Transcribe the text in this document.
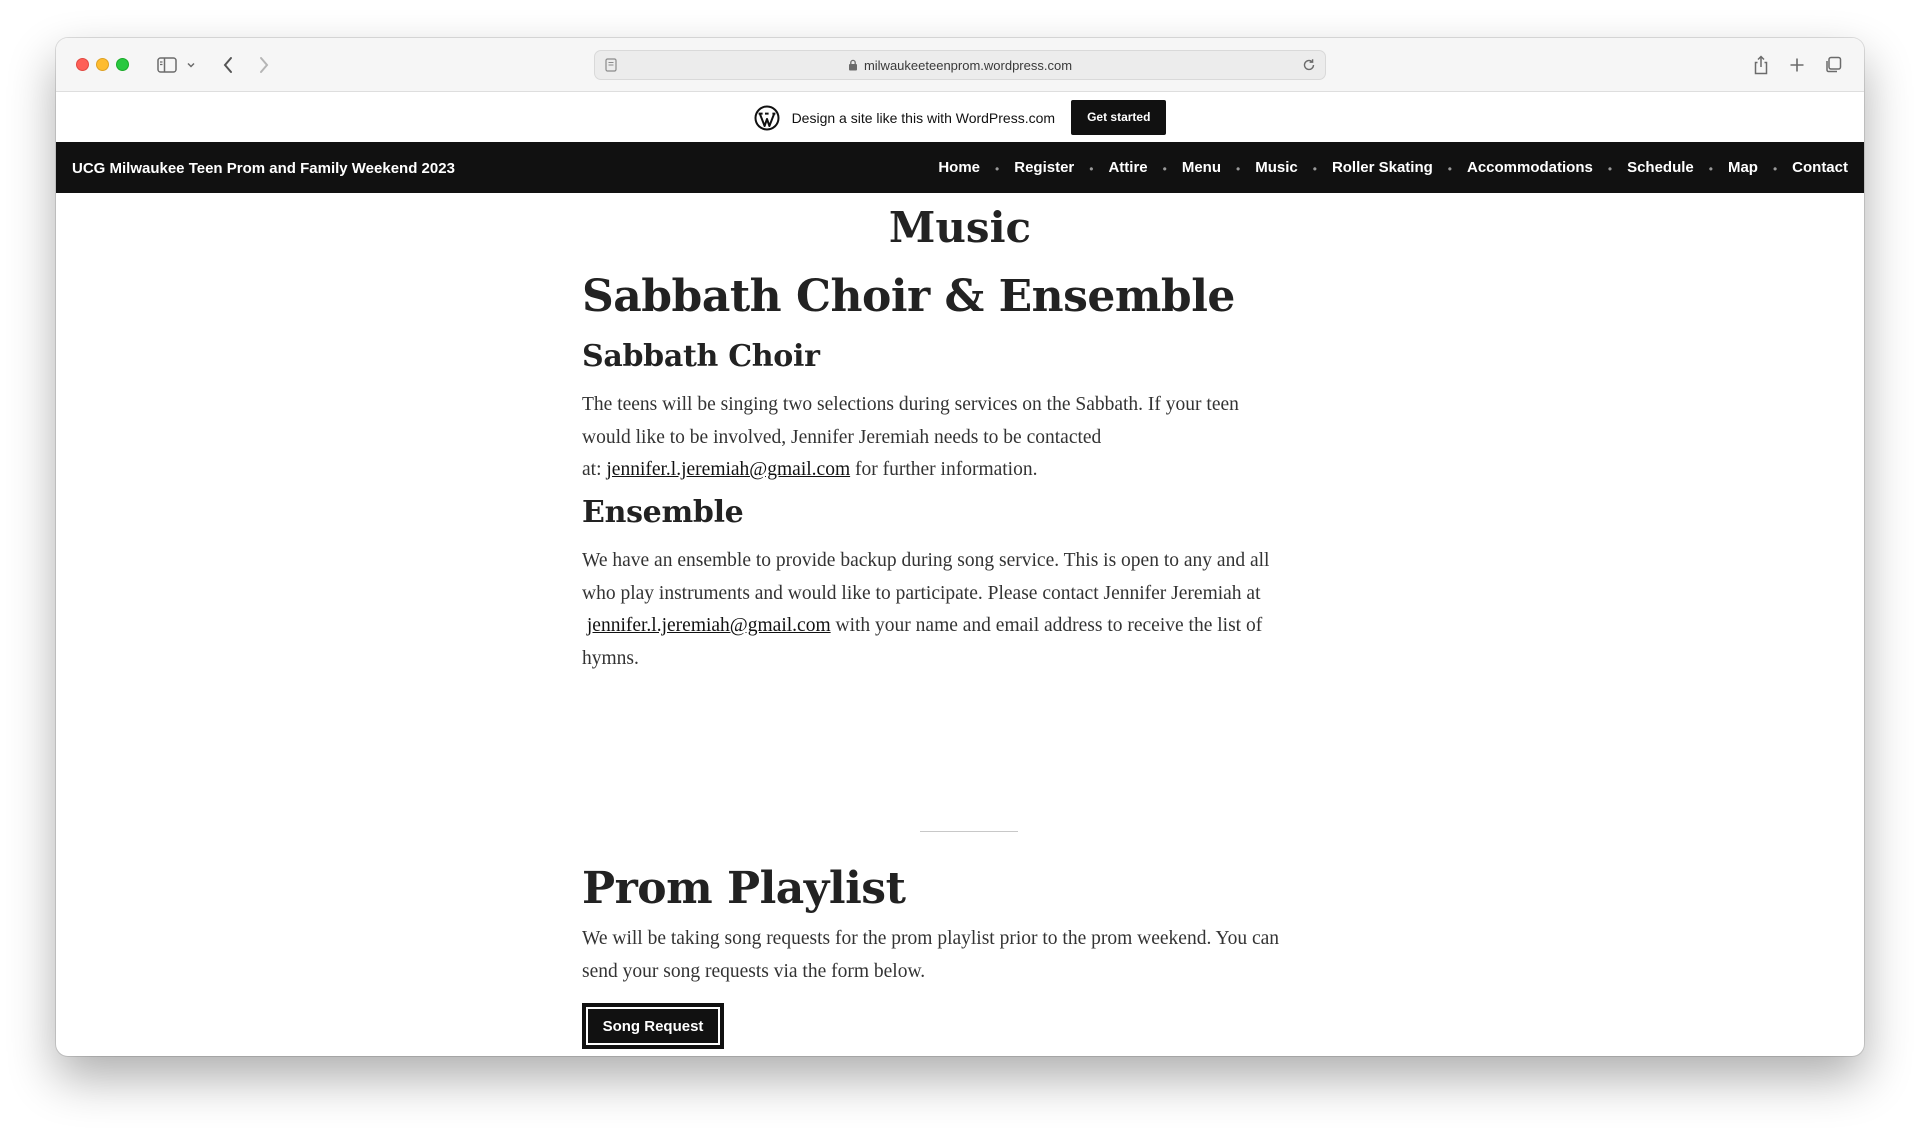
milwaukeeteenprom.wordpress.com
Design a site like this with WordPress.com	Get started
UCG Milwaukee Teen Prom and Family Weekend 2023	Home • Register • Attire • Menu • Music • Roller Skating • Accommodations • Schedule • Map • Contact
Music
Sabbath Choir & Ensemble
Sabbath Choir
The teens will be singing two selections during services on the Sabbath. If your teen
would like to be involved, Jennifer Jeremiah needs to be contacted
at: jennifer.l.jeremiah@gmail.com for further information.
Ensemble
We have an ensemble to provide backup during song service. This is open to any and all
who play instruments and would like to participate. Please contact Jennifer Jeremiah at
jennifer.l.jeremiah@gmail.com with your name and email address to receive the list of
hymns.
Prom Playlist
We will be taking song requests for the prom playlist prior to the prom weekend. You can
send your song requests via the form below.
Song Request
